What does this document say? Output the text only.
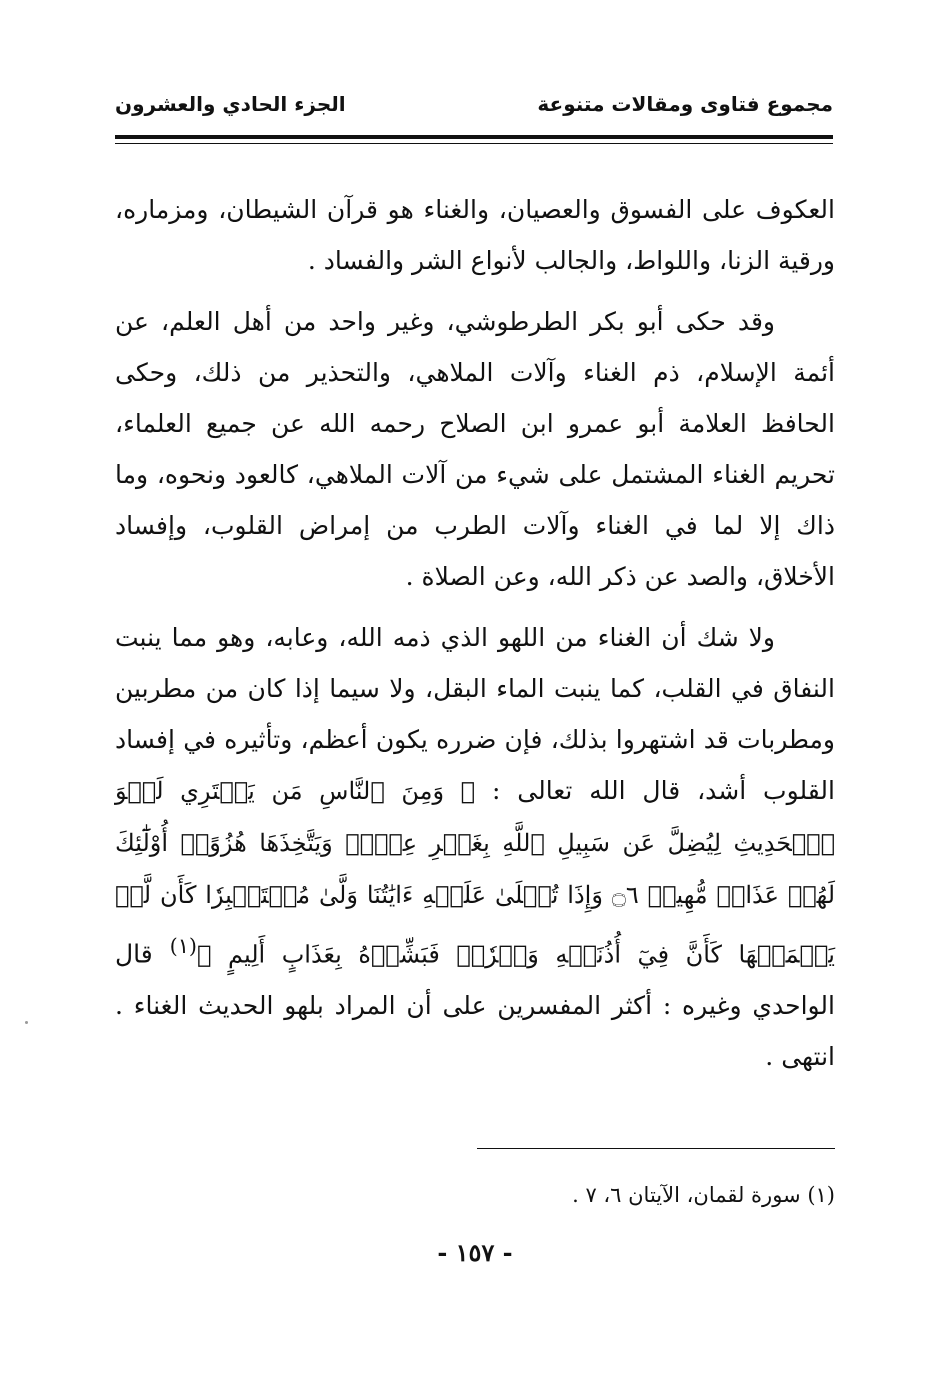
مجموع فتاوى ومقالات متنوعة
الجزء الحادي والعشرون

العكوف على الفسوق والعصيان، والغناء هو قرآن الشيطان، ومزماره، ورقية الزنا، واللواط، والجالب لأنواع الشر والفساد .

وقد حكى أبو بكر الطرطوشي، وغير واحد من أهل العلم، عن أئمة الإسلام، ذم الغناء وآلات الملاهي، والتحذير من ذلك، وحكى الحافظ العلامة أبو عمرو ابن الصلاح رحمه الله عن جميع العلماء، تحريم الغناء المشتمل على شيء من آلات الملاهي، كالعود ونحوه، وما ذاك إلا لما في الغناء وآلات الطرب من إمراض القلوب، وإفساد الأخلاق، والصد عن ذكر الله، وعن الصلاة .

ولا شك أن الغناء من اللهو الذي ذمه الله، وعابه، وهو مما ينبت النفاق في القلب، كما ينبت الماء البقل، ولا سيما إذا كان من مطربين ومطربات قد اشتهروا بذلك، فإن ضرره يكون أعظم، وتأثيره في إفساد القلوب أشد، قال الله تعالى : ﴿ وَمِنَ ٱلنَّاسِ مَن يَشۡتَرِي لَهۡوَ ٱلۡحَدِيثِ لِيُضِلَّ عَن سَبِيلِ ٱللَّهِ بِغَيۡرِ عِلۡمٖ وَيَتَّخِذَهَا هُزُوًاۚ أُوْلَٰٓئِكَ لَهُمۡ عَذَابٞ مُّهِينٞ ۝٦ وَإِذَا تُتۡلَىٰ عَلَيۡهِ ءَايَٰتُنَا وَلَّىٰ مُسۡتَكۡبِرٗا كَأَن لَّمۡ يَسۡمَعۡهَا كَأَنَّ فِيٓ أُذُنَيۡهِ وَقۡرٗاۖ فَبَشِّرۡهُ بِعَذَابٍ أَلِيمٍ ﴾$^{(١)}$ قال الواحدي وغيره : أكثر المفسرين على أن المراد بلهو الحديث الغناء . انتهى .

(١) سورة لقمان، الآيتان ٦، ٧ .
- ١٥٧ -
